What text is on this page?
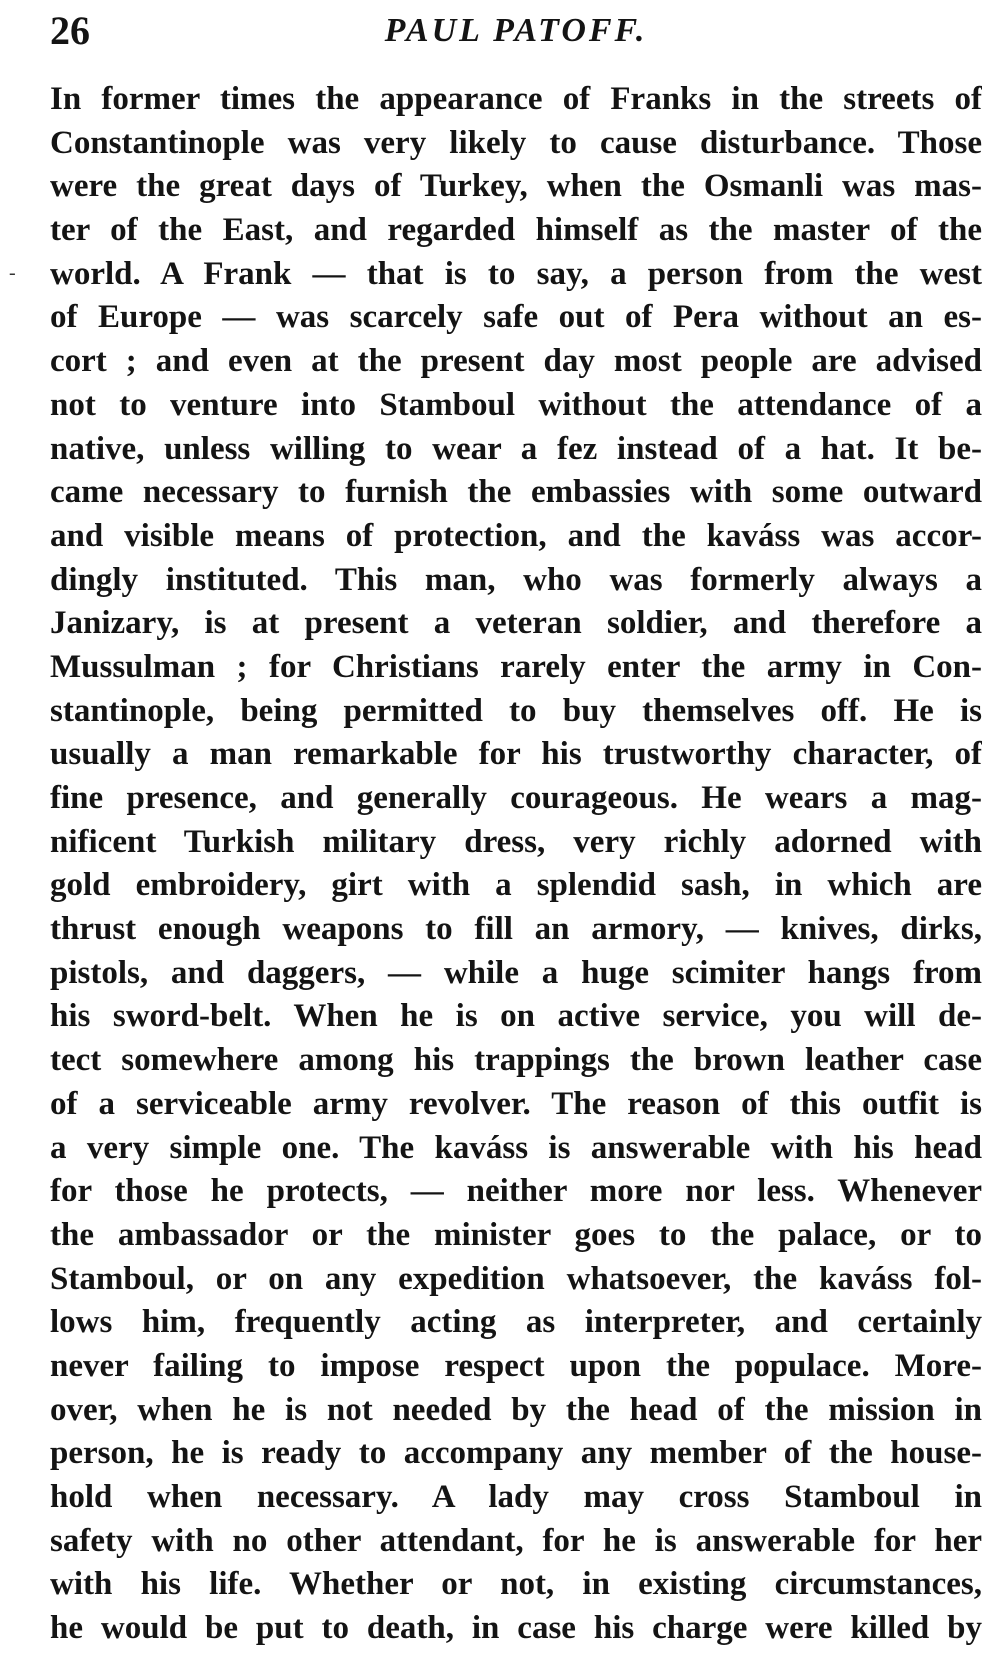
26	PAUL PATOFF.
-
In former times the appearance of Franks in the streets of
Constantinople was very likely to cause disturbance. Those
were the great days of Turkey, when the Osmanli was mas-
ter of the East, and regarded himself as the master of the
world. A Frank — that is to say, a person from the west
of Europe — was scarcely safe out of Pera without an es-
cort ; and even at the present day most people are advised
not to venture into Stamboul without the attendance of a
native, unless willing to wear a fez instead of a hat. It be-
came necessary to furnish the embassies with some outward
and visible means of protection, and the kaváss was accor-
dingly instituted. This man, who was formerly always a
Janizary, is at present a veteran soldier, and therefore a
Mussulman ; for Christians rarely enter the army in Con-
stantinople, being permitted to buy themselves off. He is
usually a man remarkable for his trustworthy character, of
fine presence, and generally courageous. He wears a mag-
nificent Turkish military dress, very richly adorned with
gold embroidery, girt with a splendid sash, in which are
thrust enough weapons to fill an armory, — knives, dirks,
pistols, and daggers, — while a huge scimiter hangs from
his sword-belt. When he is on active service, you will de-
tect somewhere among his trappings the brown leather case
of a serviceable army revolver. The reason of this outfit is
a very simple one. The kaváss is answerable with his head
for those he protects, — neither more nor less. Whenever
the ambassador or the minister goes to the palace, or to
Stamboul, or on any expedition whatsoever, the kaváss fol-
lows him, frequently acting as interpreter, and certainly
never failing to impose respect upon the populace. More-
over, when he is not needed by the head of the mission in
person, he is ready to accompany any member of the house-
hold when necessary. A lady may cross Stamboul in
safety with no other attendant, for he is answerable for her
with his life. Whether or not, in existing circumstances,
he would be put to death, in case his charge were killed by
